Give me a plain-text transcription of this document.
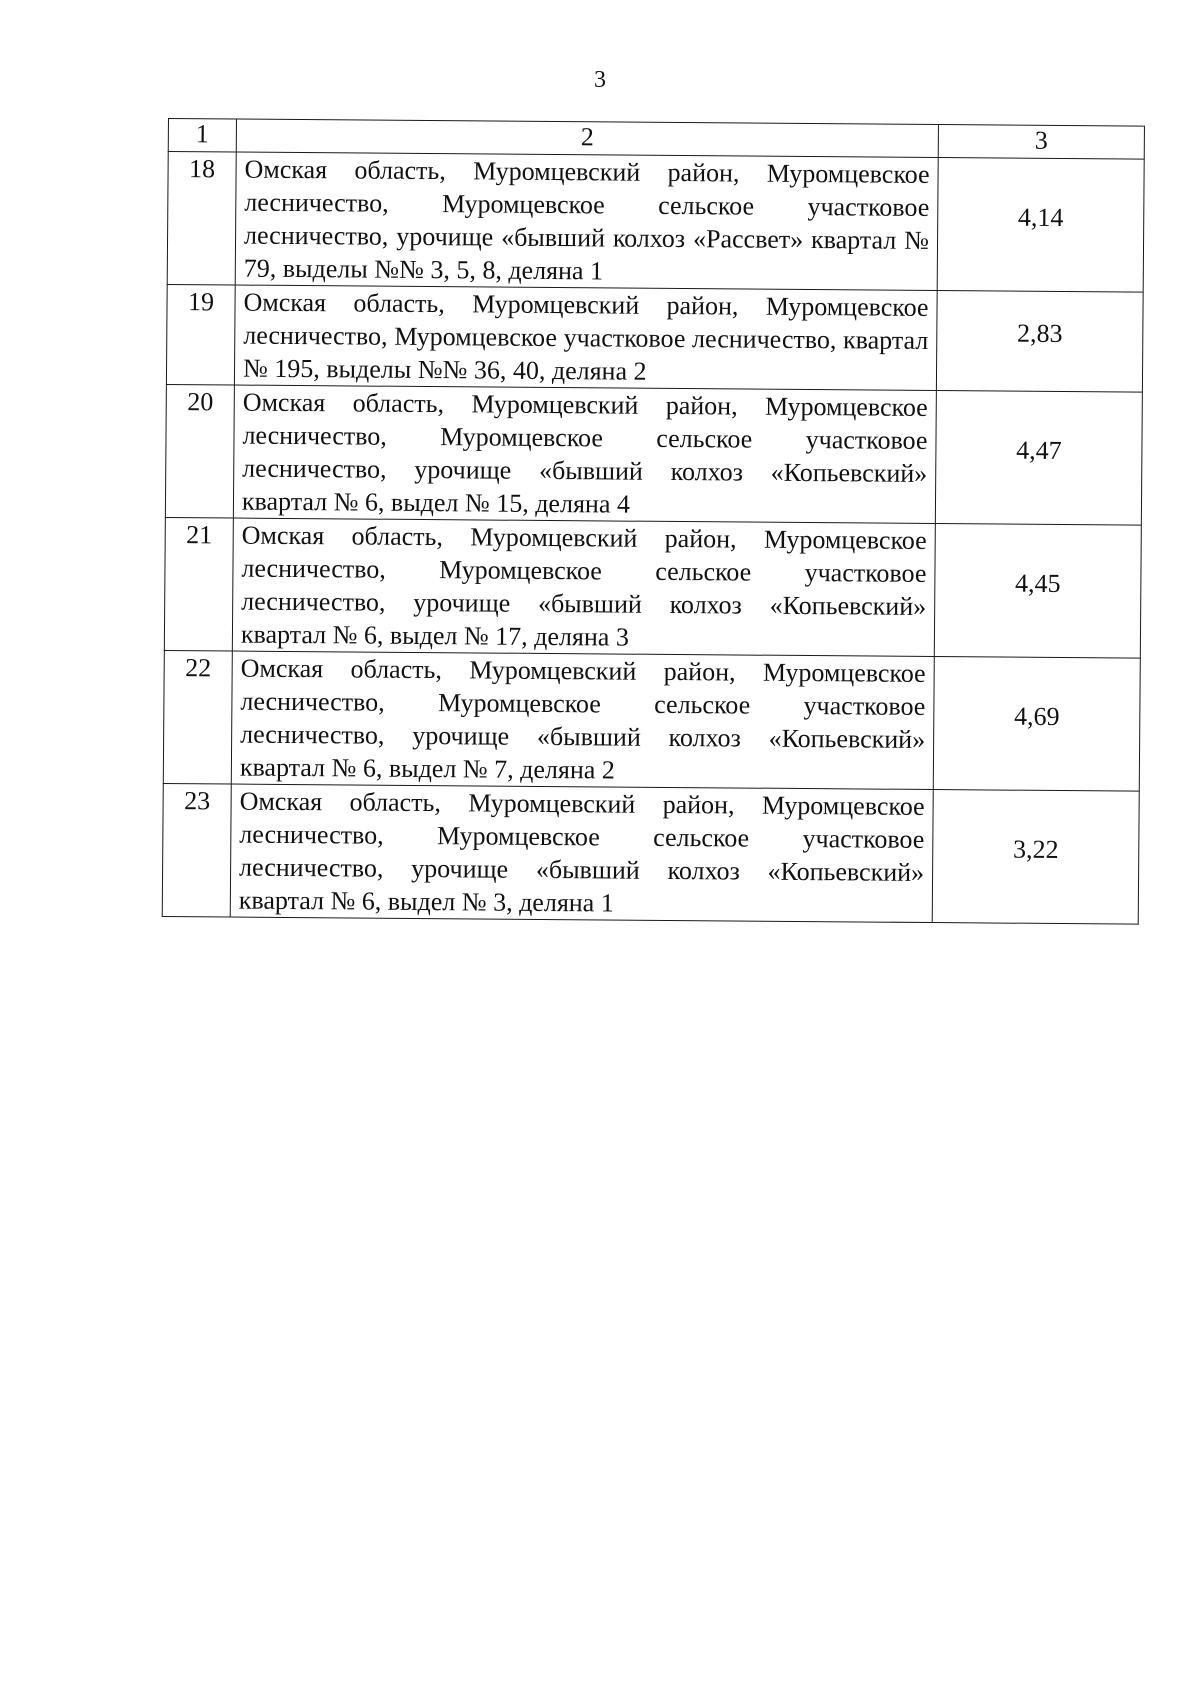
3
1	2	3
18	Омская область, Муромцевский район, Муромцевское лесничество, Муромцевское сельское участковое лесничество, урочище «бывший колхоз «Рассвет» квартал № 79, выделы №№ 3, 5, 8, деляна 1	4,14
19	Омская область, Муромцевский район, Муромцевское лесничество, Муромцевское участковое лесничество, квартал № 195, выделы №№ 36, 40, деляна 2	2,83
20	Омская область, Муромцевский район, Муромцевское лесничество, Муромцевское сельское участковое лесничество, урочище «бывший колхоз «Копьевский» квартал № 6, выдел № 15, деляна 4	4,47
21	Омская область, Муромцевский район, Муромцевское лесничество, Муромцевское сельское участковое лесничество, урочище «бывший колхоз «Копьевский» квартал № 6, выдел № 17, деляна 3	4,45
22	Омская область, Муромцевский район, Муромцевское лесничество, Муромцевское сельское участковое лесничество, урочище «бывший колхоз «Копьевский» квартал № 6, выдел № 7, деляна 2	4,69
23	Омская область, Муромцевский район, Муромцевское лесничество, Муромцевское сельское участковое лесничество, урочище «бывший колхоз «Копьевский» квартал № 6, выдел № 3, деляна 1	3,22
